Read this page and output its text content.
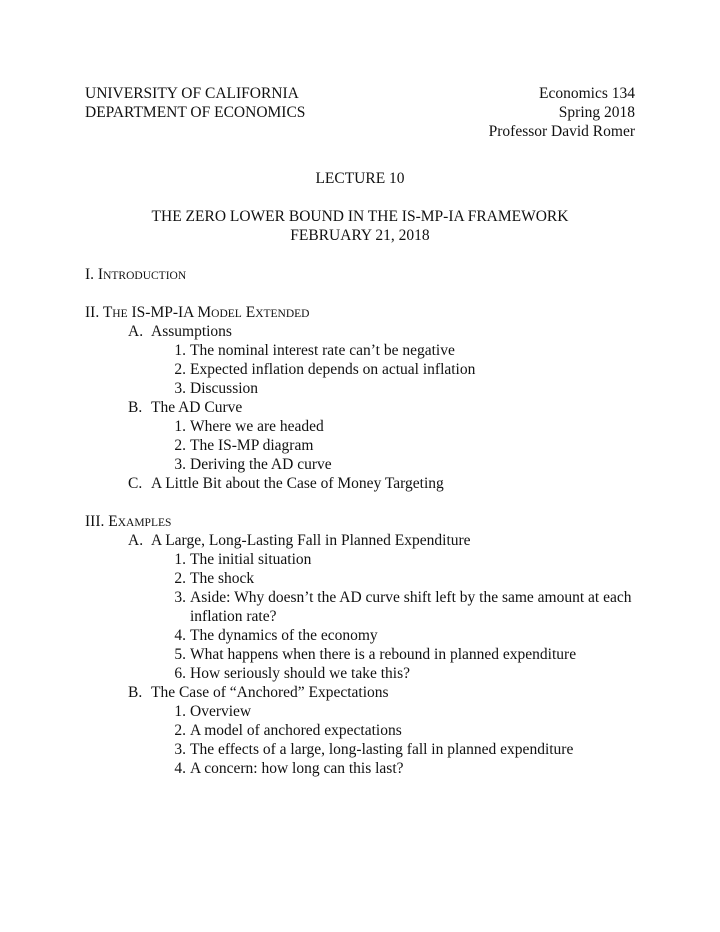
UNIVERSITY OF CALIFORNIA
DEPARTMENT OF ECONOMICS
Economics 134
Spring 2018
Professor David Romer
LECTURE 10
THE ZERO LOWER BOUND IN THE IS-MP-IA FRAMEWORK
FEBRUARY 21, 2018
I. INTRODUCTION
II. THE IS-MP-IA MODEL EXTENDED
A. Assumptions
1. The nominal interest rate can’t be negative
2. Expected inflation depends on actual inflation
3. Discussion
B. The AD Curve
1. Where we are headed
2. The IS-MP diagram
3. Deriving the AD curve
C. A Little Bit about the Case of Money Targeting
III. EXAMPLES
A. A Large, Long-Lasting Fall in Planned Expenditure
1. The initial situation
2. The shock
3. Aside: Why doesn’t the AD curve shift left by the same amount at each inflation rate?
4. The dynamics of the economy
5. What happens when there is a rebound in planned expenditure
6. How seriously should we take this?
B. The Case of “Anchored” Expectations
1. Overview
2. A model of anchored expectations
3. The effects of a large, long-lasting fall in planned expenditure
4. A concern: how long can this last?
